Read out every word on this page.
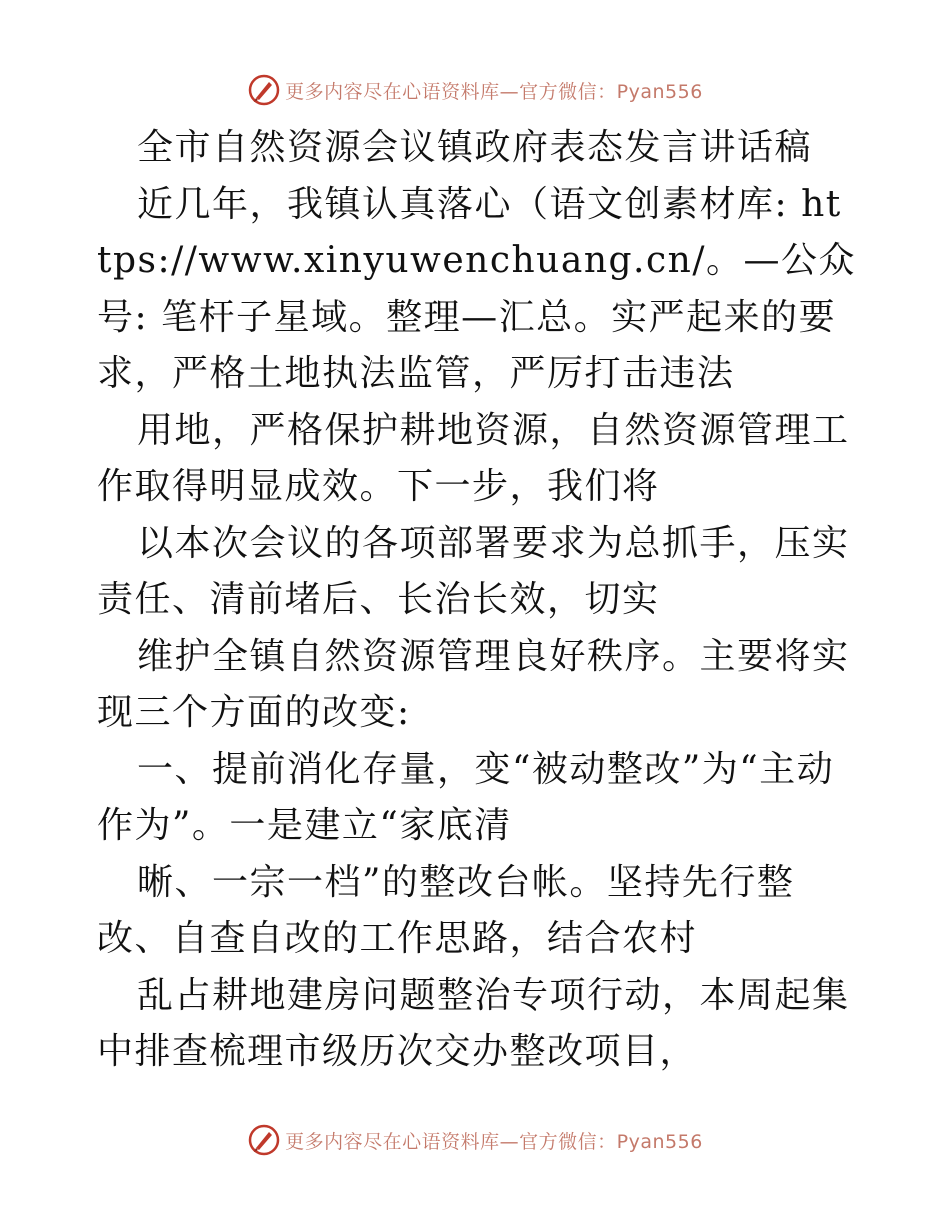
更多内容尽在心语资料库—官方微信：Pyan556

全市自然资源会议镇政府表态发言讲话稿

近几年，我镇认真落心（语文创素材库: https://www.xinyuwenchuang.cn/。—公众号: 笔杆子星域。整理—汇总。实严起来的要求，严格土地执法监管，严厉打击违法

用地，严格保护耕地资源，自然资源管理工作取得明显成效。下一步，我们将

以本次会议的各项部署要求为总抓手，压实责任、清前堵后、长治长效，切实

维护全镇自然资源管理良好秩序。主要将实现三个方面的改变:

一、提前消化存量，变“被动整改”为“主动作为”。一是建立“家底清

晰、一宗一档”的整改台帐。坚持先行整改、自查自改的工作思路，结合农村

乱占耕地建房问题整治专项行动，本周起集中排查梳理市级历次交办整改项目，

更多内容尽在心语资料库—官方微信：Pyan556
